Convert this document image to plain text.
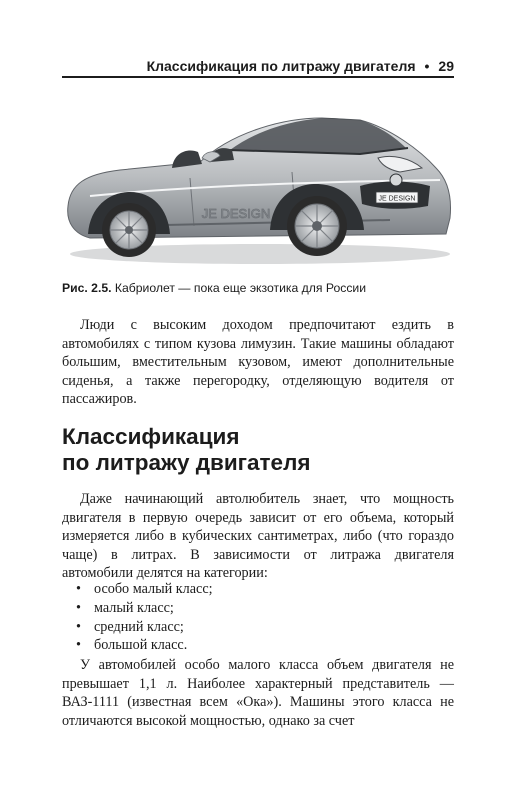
Классификация по литражу двигателя • 29
JE DESIGN
JE DESIGN
Рис. 2.5. Кабриолет — пока еще экзотика для России

Люди с высоким доходом предпочитают ездить в автомобилях с типом кузова лимузин. Такие машины обладают большим, вместительным кузовом, имеют дополнительные сиденья, а также перегородку, отделяющую водителя от пассажиров.

Классификация
по литражу двигателя

Даже начинающий автолюбитель знает, что мощность двигателя в первую очередь зависит от его объема, который измеряется либо в кубических сантиметрах, либо (что гораздо чаще) в литрах. В зависимости от литража двигателя автомобили делятся на категории:

• особо малый класс;
• малый класс;
• средний класс;
• большой класс.

У автомобилей особо малого класса объем двигателя не превышает 1,1 л. Наиболее характерный представитель — ВАЗ-1111 (известная всем «Ока»). Машины этого класса не отличаются высокой мощностью, однако за счет
